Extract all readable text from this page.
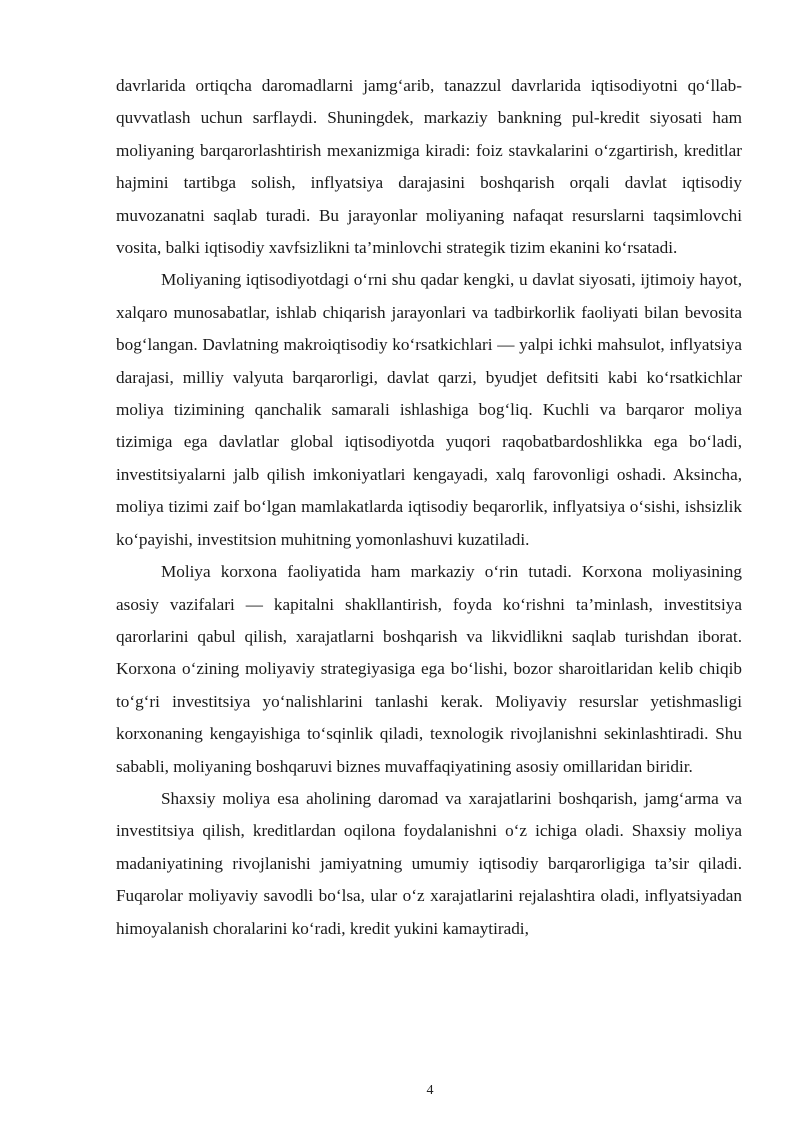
davrlarida ortiqcha daromadlarni jamg‘arib, tanazzul davrlarida iqtisodiyotni qo‘llab-quvvatlash uchun sarflaydi. Shuningdek, markaziy bankning pul-kredit siyosati ham moliyaning barqarorlashtirish mexanizmiga kiradi: foiz stavkalarini o‘zgartirish, kreditlar hajmini tartibga solish, inflyatsiya darajasini boshqarish orqali davlat iqtisodiy muvozanatni saqlab turadi. Bu jarayonlar moliyaning nafaqat resurslarni taqsimlovchi vosita, balki iqtisodiy xavfsizlikni ta’minlovchi strategik tizim ekanini ko‘rsatadi.

Moliyaning iqtisodiyotdagi o‘rni shu qadar kengki, u davlat siyosati, ijtimoiy hayot, xalqaro munosabatlar, ishlab chiqarish jarayonlari va tadbirkorlik faoliyati bilan bevosita bog‘langan. Davlatning makroiqtisodiy ko‘rsatkichlari — yalpi ichki mahsulot, inflyatsiya darajasi, milliy valyuta barqarorligi, davlat qarzi, byudjet defitsiti kabi ko‘rsatkichlar moliya tizimining qanchalik samarali ishlashiga bog‘liq. Kuchli va barqaror moliya tizimiga ega davlatlar global iqtisodiyotda yuqori raqobatbardoshlikka ega bo‘ladi, investitsiyalarni jalb qilish imkoniyatlari kengayadi, xalq farovonligi oshadi. Aksincha, moliya tizimi zaif bo‘lgan mamlakatlarda iqtisodiy beqarorlik, inflyatsiya o‘sishi, ishsizlik ko‘payishi, investitsion muhitning yomonlashuvi kuzatiladi.

Moliya korxona faoliyatida ham markaziy o‘rin tutadi. Korxona moliyasining asosiy vazifalari — kapitalni shakllantirish, foyda ko‘rishni ta’minlash, investitsiya qarorlarini qabul qilish, xarajatlarni boshqarish va likvidlikni saqlab turishdan iborat. Korxona o‘zining moliyaviy strategiyasiga ega bo‘lishi, bozor sharoitlaridan kelib chiqib to‘g‘ri investitsiya yo‘nalishlarini tanlashi kerak. Moliyaviy resurslar yetishmasligi korxonaning kengayishiga to‘sqinlik qiladi, texnologik rivojlanishni sekinlashtiradi. Shu sababli, moliyaning boshqaruvi biznes muvaffaqiyatining asosiy omillaridan biridir.

Shaxsiy moliya esa aholining daromad va xarajatlarini boshqarish, jamg‘arma va investitsiya qilish, kreditlardan oqilona foydalanishni o‘z ichiga oladi. Shaxsiy moliya madaniyatining rivojlanishi jamiyatning umumiy iqtisodiy barqarorligiga ta’sir qiladi. Fuqarolar moliyaviy savodli bo‘lsa, ular o‘z xarajatlarini rejalashtira oladi, inflyatsiyadan himoyalanish choralarini ko‘radi, kredit yukini kamaytiradi,

4
